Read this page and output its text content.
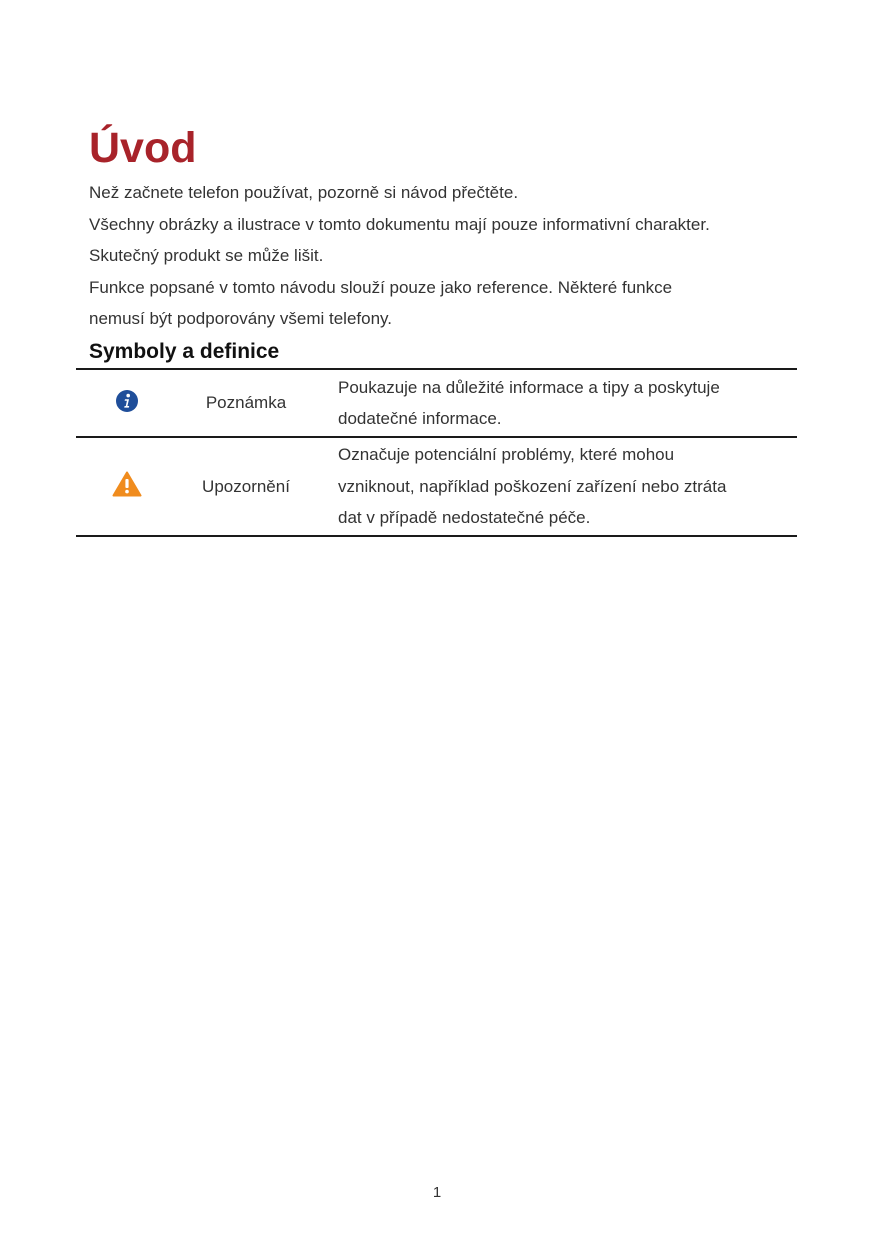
Úvod

Než začnete telefon používat, pozorně si návod přečtěte.

Všechny obrázky a ilustrace v tomto dokumentu mají pouze informativní charakter.

Skutečný produkt se může lišit.

Funkce popsané v tomto návodu slouží pouze jako reference. Některé funkce

nemusí být podporovány všemi telefony.

Symboly a definice
	Poznámka	Poukazuje na důležité informace a tipy a poskytuje
dodatečné informace.

	Upozornění	Označuje potenciální problémy, které mohou
vzniknout, například poškození zařízení nebo ztráta
dat v případě nedostatečné péče.
1
